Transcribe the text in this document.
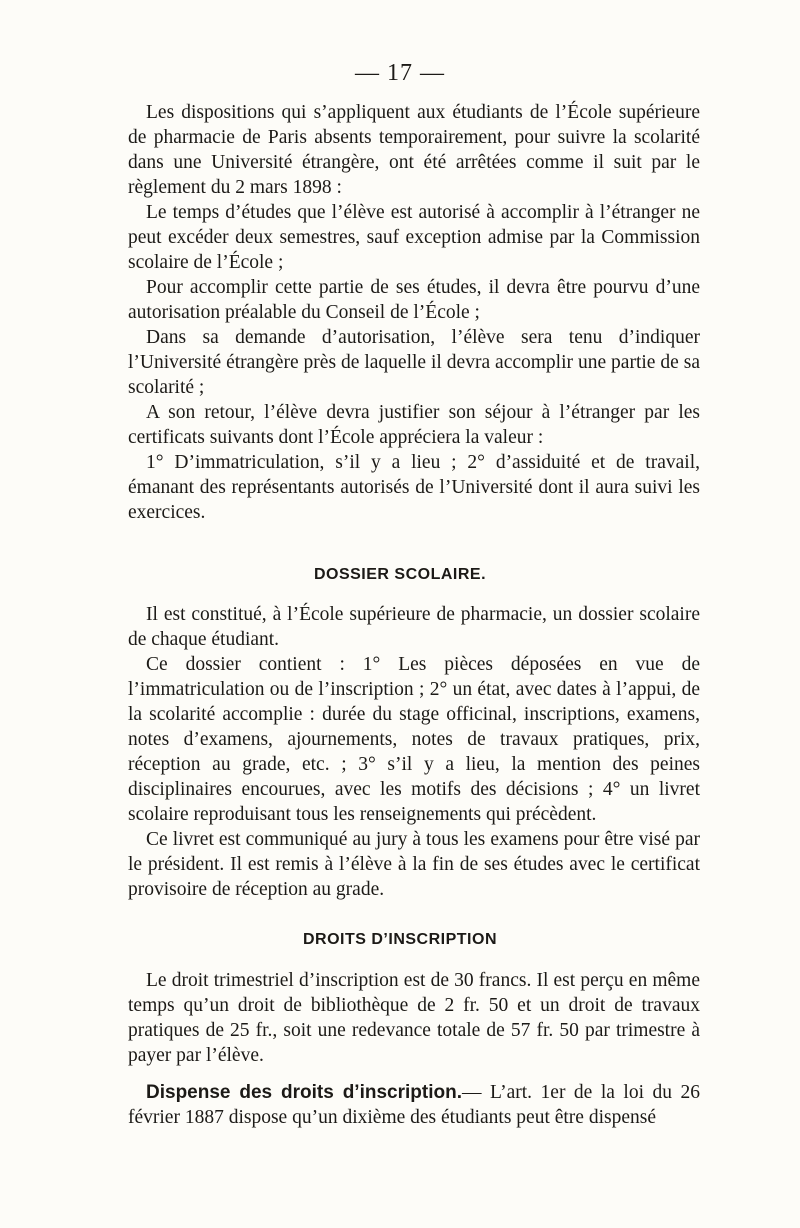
— 17 —

Les dispositions qui s’appliquent aux étudiants de l’École supérieure de pharmacie de Paris absents temporairement, pour suivre la scolarité dans une Université étrangère, ont été arrêtées comme il suit par le règlement du 2 mars 1898 :

Le temps d’études que l’élève est autorisé à accomplir à l’étranger ne peut excéder deux semestres, sauf exception admise par la Commission scolaire de l’École ;

Pour accomplir cette partie de ses études, il devra être pourvu d’une autorisation préalable du Conseil de l’École ;

Dans sa demande d’autorisation, l’élève sera tenu d’indiquer l’Université étrangère près de laquelle il devra accomplir une partie de sa scolarité ;

A son retour, l’élève devra justifier son séjour à l’étranger par les certificats suivants dont l’École appréciera la valeur :

1° D’immatriculation, s’il y a lieu ; 2° d’assiduité et de travail, émanant des représentants autorisés de l’Université dont il aura suivi les exercices.

DOSSIER SCOLAIRE.

Il est constitué, à l’École supérieure de pharmacie, un dossier scolaire de chaque étudiant.

Ce dossier contient : 1° Les pièces déposées en vue de l’immatriculation ou de l’inscription ; 2° un état, avec dates à l’appui, de la scolarité accomplie : durée du stage officinal, inscriptions, examens, notes d’examens, ajournements, notes de travaux pratiques, prix, réception au grade, etc. ; 3° s’il y a lieu, la mention des peines disciplinaires encourues, avec les motifs des décisions ; 4° un livret scolaire reproduisant tous les renseignements qui précèdent.

Ce livret est communiqué au jury à tous les examens pour être visé par le président. Il est remis à l’élève à la fin de ses études avec le certificat provisoire de réception au grade.

DROITS D’INSCRIPTION

Le droit trimestriel d’inscription est de 30 francs. Il est perçu en même temps qu’un droit de bibliothèque de 2 fr. 50 et un droit de travaux pratiques de 25 fr., soit une redevance totale de 57 fr. 50 par trimestre à payer par l’élève.

Dispense des droits d’inscription.— L’art. 1er de la loi du 26 février 1887 dispose qu’un dixième des étudiants peut être dispensé
